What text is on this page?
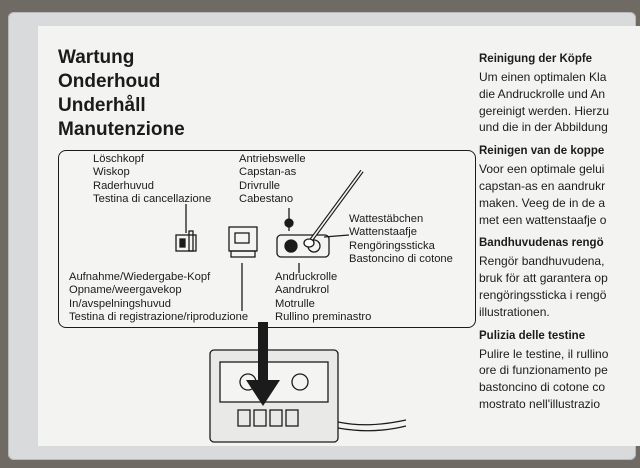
Wartung
Onderhoud
Underhåll
Manutenzione
Löschkopf
Wiskop
Raderhuvud
Testina di cancellazione
Antriebswelle
Capstan-as
Drivrulle
Cabestano
Wattestäbchen
Wattenstaafje
Rengöringssticka
Bastoncino di cotone
Aufnahme/Wiedergabe-Kopf
Opname/weergavekop
In/avspelningshuvud
Testina di registrazione/riproduzione
Andruckrolle
Aandrukrol
Motrulle
Rullino preminastro
Reinigung der Köpfe

Um einen optimalen Kla
die Andruckrolle und An
gereinigt werden. Hierzu
und die in der Abbildung

Reinigen van de koppe

Voor een optimale gelui
capstan-as en aandrukr
maken. Veeg de in de a
met een wattenstaafje o

Bandhuvudenas rengö

Rengör bandhuvudena,
bruk för att garantera op
rengöringssticka i rengö
illustrationen.

Pulizia delle testine

Pulire le testine, il rullino
ore di funzionamento pe
bastoncino di cotone co
mostrato nell'illustrazio
